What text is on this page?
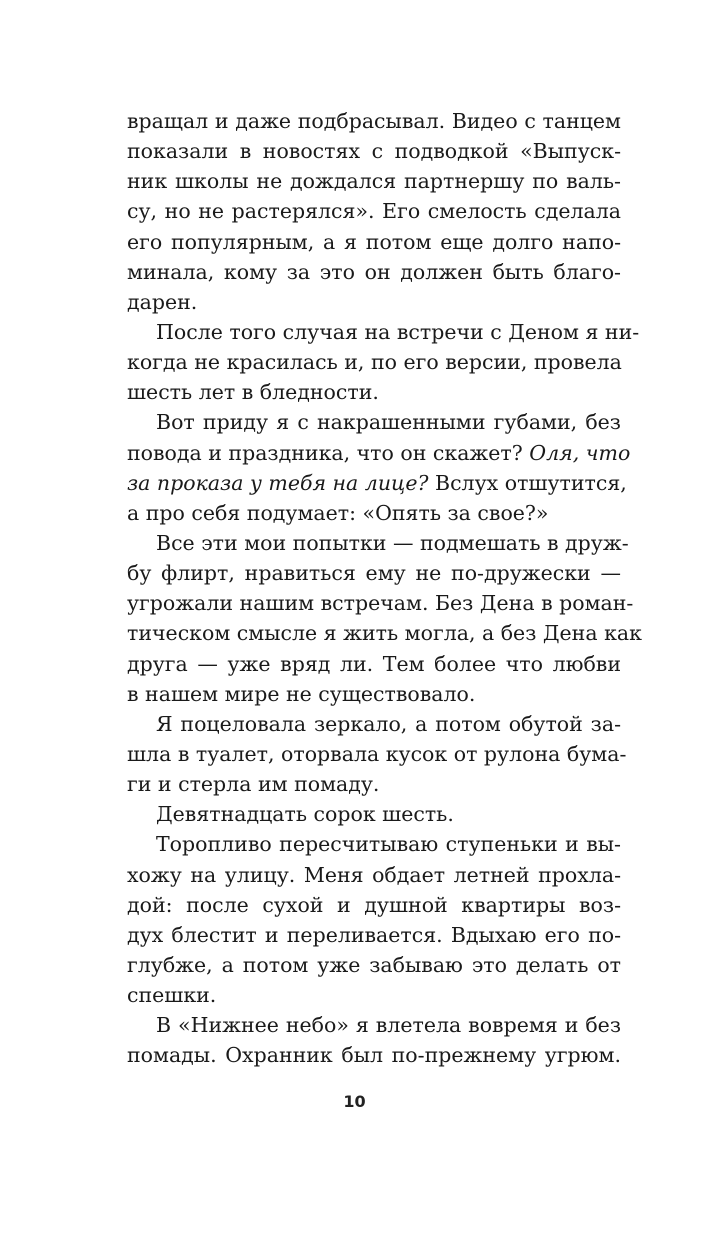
вращал и даже подбрасывал. Видео с танцем
показали в новостях с подводкой «Выпуск-
ник школы не дождался партнершу по валь-
су, но не растерялся». Его смелость сделала
его популярным, а я потом еще долго напо-
минала, кому за это он должен быть благо-
дарен.
После того случая на встречи с Деном я ни-
когда не красилась и, по его версии, провела
шесть лет в бледности.
Вот приду я с накрашенными губами, без
повода и праздника, что он скажет? Оля, что
за проказа у тебя на лице? Вслух отшутится,
а про себя подумает: «Опять за свое?»
Все эти мои попытки — подмешать в друж-
бу флирт, нравиться ему не по-дружески —
угрожали нашим встречам. Без Дена в роман-
тическом смысле я жить могла, а без Дена как
друга — уже вряд ли. Тем более что любви
в нашем мире не существовало.
Я поцеловала зеркало, а потом обутой за-
шла в туалет, оторвала кусок от рулона бума-
ги и стерла им помаду.
Девятнадцать сорок шесть.
Торопливо пересчитываю ступеньки и вы-
хожу на улицу. Меня обдает летней прохла-
дой: после сухой и душной квартиры воз-
дух блестит и переливается. Вдыхаю его по-
глубже, а потом уже забываю это делать от
спешки.
В «Нижнее небо» я влетела вовремя и без
помады. Охранник был по-прежнему угрюм.
10
